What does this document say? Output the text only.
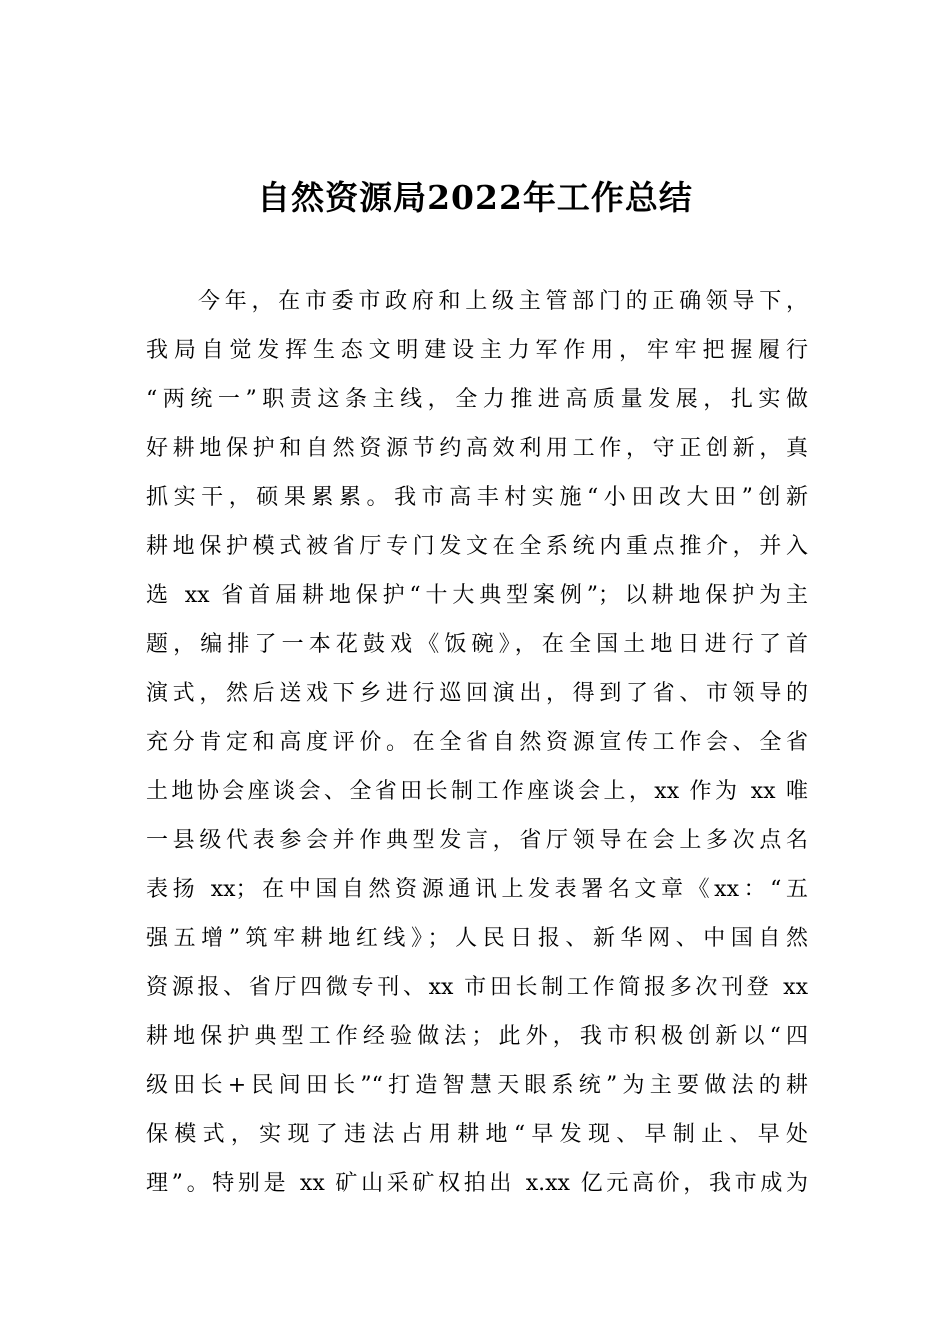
自然资源局2022年工作总结
今年，在市委市政府和上级主管部门的正确领导下，
我局自觉发挥生态文明建设主力军作用，牢牢把握履行
“两统一”职责这条主线，全力推进高质量发展，扎实做
好耕地保护和自然资源节约高效利用工作，守正创新，真
抓实干，硕果累累。我市高丰村实施“小田改大田”创新
耕地保护模式被省厅专门发文在全系统内重点推介，并入
选 xx 省首届耕地保护“十大典型案例”；以耕地保护为主
题，编排了一本花鼓戏《饭碗》，在全国土地日进行了首
演式，然后送戏下乡进行巡回演出，得到了省、市领导的
充分肯定和高度评价。在全省自然资源宣传工作会、全省
土地协会座谈会、全省田长制工作座谈会上，xx 作为 xx 唯
一县级代表参会并作典型发言，省厅领导在会上多次点名
表扬 xx；在中国自然资源通讯上发表署名文章《xx：“五
强五增”筑牢耕地红线》；人民日报、新华网、中国自然
资源报、省厅四微专刊、xx 市田长制工作简报多次刊登 xx
耕地保护典型工作经验做法；此外，我市积极创新以“四
级田长+民间田长”“打造智慧天眼系统”为主要做法的耕
保模式，实现了违法占用耕地“早发现、早制止、早处
理”。特别是 xx 矿山采矿权拍出 x.xx 亿元高价，我市成为
